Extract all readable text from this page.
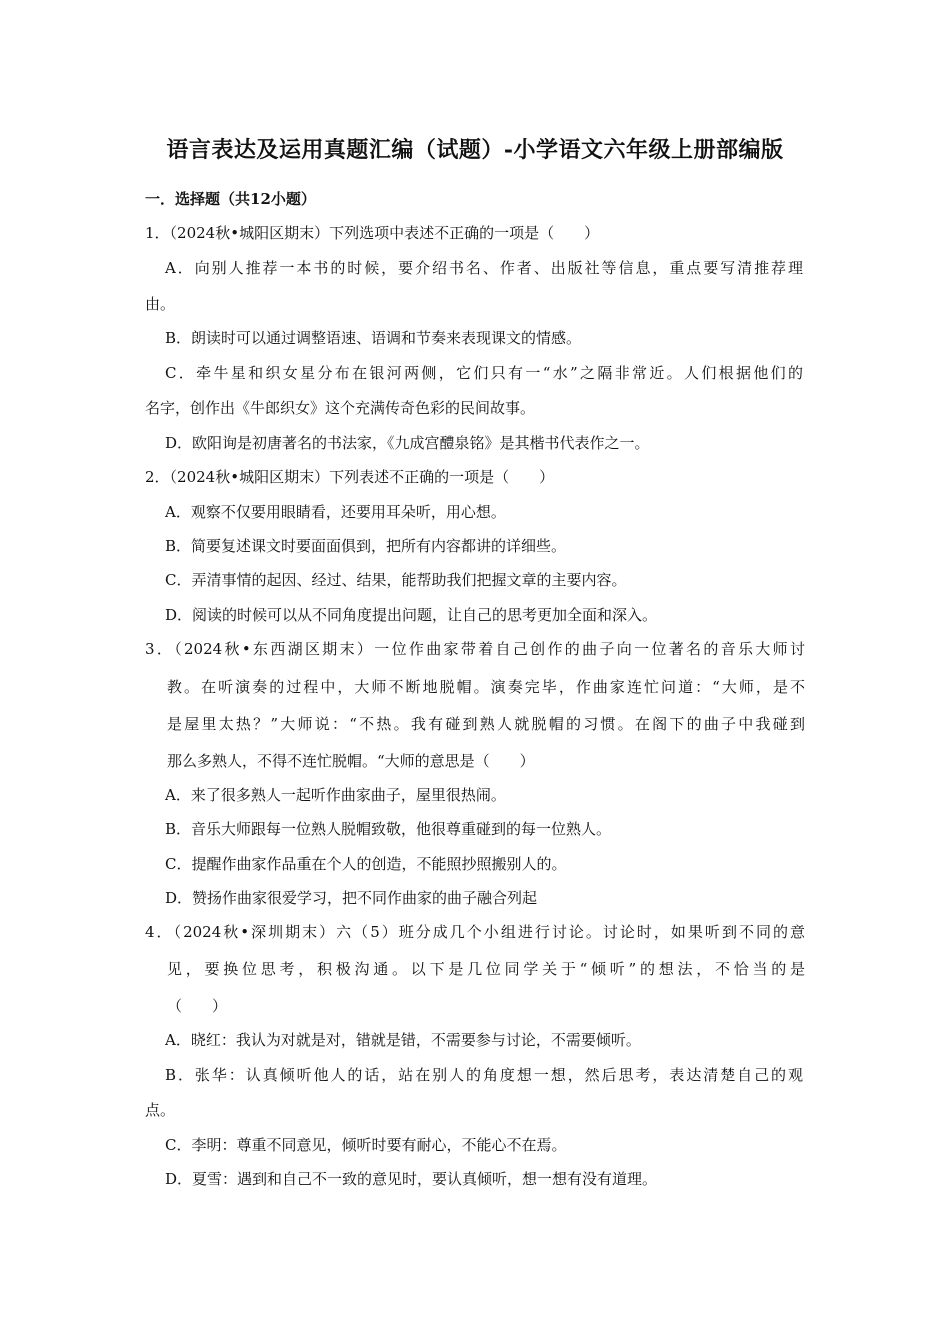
语言表达及运用真题汇编（试题）-小学语文六年级上册部编版
一．选择题（共12小题）
1．（2024秋•城阳区期末）下列选项中表述不正确的一项是（　　）
A．向别人推荐一本书的时候，要介绍书名、作者、出版社等信息，重点要写清推荐理
由。
B．朗读时可以通过调整语速、语调和节奏来表现课文的情感。
C．牵牛星和织女星分布在银河两侧，它们只有一“水”之隔非常近。人们根据他们的
名字，创作出《牛郎织女》这个充满传奇色彩的民间故事。
D．欧阳询是初唐著名的书法家，《九成宫醴泉铭》是其楷书代表作之一。
2．（2024秋•城阳区期末）下列表述不正确的一项是（　　）
A．观察不仅要用眼睛看，还要用耳朵听，用心想。
B．简要复述课文时要面面俱到，把所有内容都讲的详细些。
C．弄清事情的起因、经过、结果，能帮助我们把握文章的主要内容。
D．阅读的时候可以从不同角度提出问题，让自己的思考更加全面和深入。
3．（2024秋•东西湖区期末）一位作曲家带着自己创作的曲子向一位著名的音乐大师讨
教。在听演奏的过程中，大师不断地脱帽。演奏完毕，作曲家连忙问道：“大师，是不
是屋里太热？”大师说：“不热。我有碰到熟人就脱帽的习惯。在阁下的曲子中我碰到
那么多熟人，不得不连忙脱帽。“大师的意思是（　　）
A．来了很多熟人一起听作曲家曲子，屋里很热闹。
B．音乐大师跟每一位熟人脱帽致敬，他很尊重碰到的每一位熟人。
C．提醒作曲家作品重在个人的创造，不能照抄照搬别人的。
D．赞扬作曲家很爱学习，把不同作曲家的曲子融合列起
4．（2024秋•深圳期末）六（5）班分成几个小组进行讨论。讨论时，如果听到不同的意
见，要换位思考，积极沟通。以下是几位同学关于“倾听”的想法，不恰当的是
（　　）
A．晓红：我认为对就是对，错就是错，不需要参与讨论，不需要倾听。
B．张华：认真倾听他人的话，站在别人的角度想一想，然后思考，表达清楚自己的观
点。
C．李明：尊重不同意见，倾听时要有耐心，不能心不在焉。
D．夏雪：遇到和自己不一致的意见时，要认真倾听，想一想有没有道理。
